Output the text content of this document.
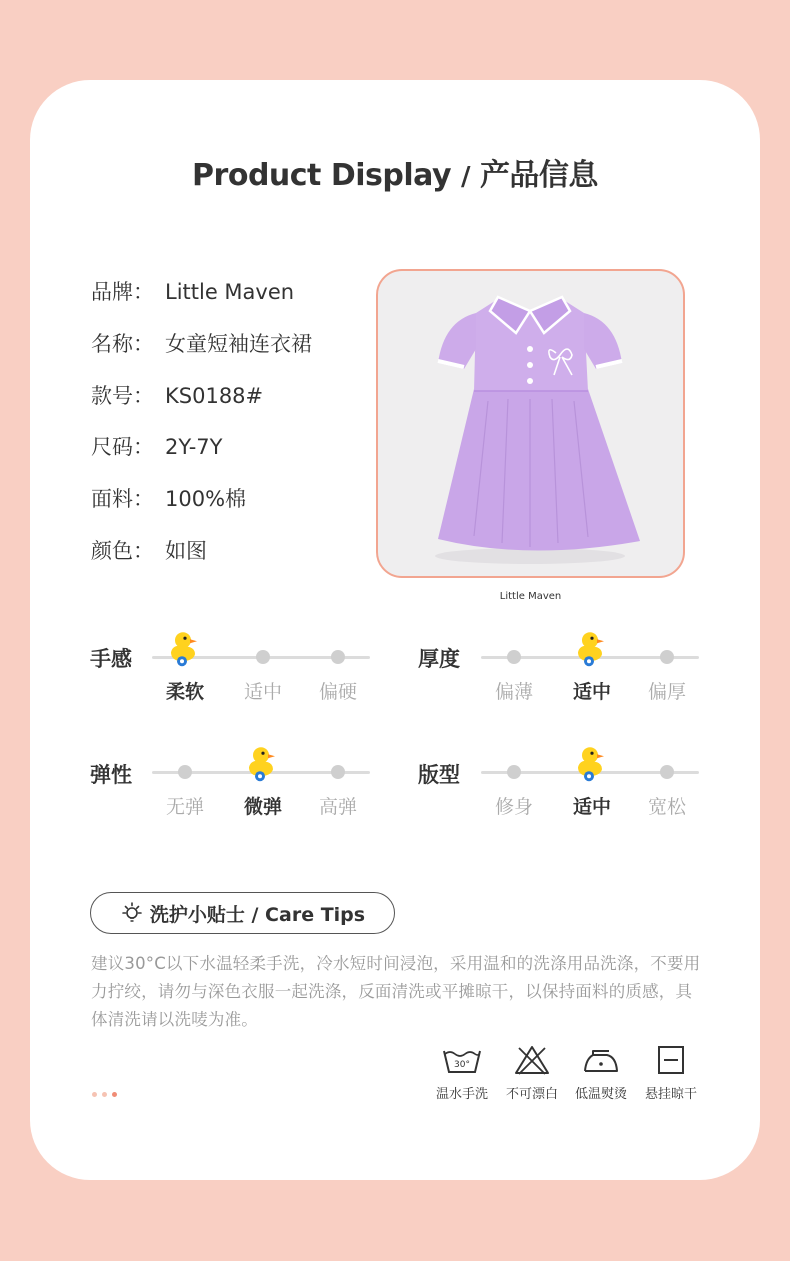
Product Display / 产品信息
品牌： Little Maven
名称： 女童短袖连衣裙
款号： KS0188#
尺码： 2Y-7Y
面料： 100%棉
颜色： 如图
Little Maven
手感
柔软 适中 偏硬
厚度
偏薄 适中 偏厚
弹性
无弹 微弹 高弹
版型
修身 适中 宽松
洗护小贴士 / Care Tips
建议30°C以下水温轻柔手洗，冷水短时间浸泡，采用温和的洗涤用品洗涤，不要用力拧绞，请勿与深色衣服一起洗涤，反面清洗或平摊晾干，以保持面料的质感，具体清洗请以洗唛为准。
30°
温水手洗	不可漂白	低温熨烫	悬挂晾干
